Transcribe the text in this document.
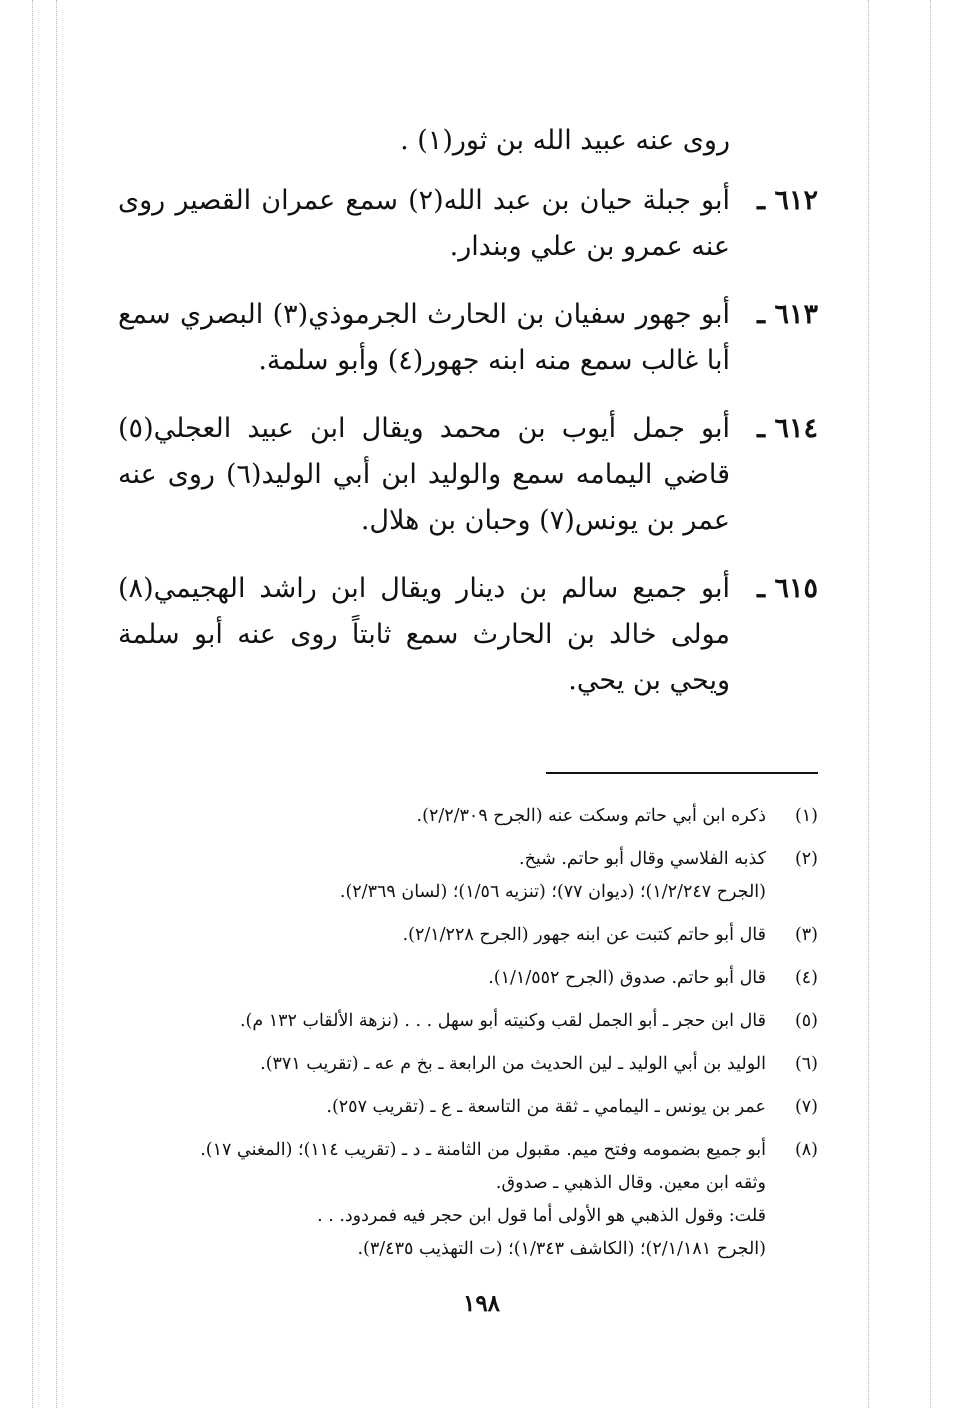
روى عنه عبيد الله بن ثور(١) .
٦١٢ ـ
أبو جبلة حيان بن عبد الله(٢) سمع عمران القصير روى عنه عمرو بن علي وبندار.
٦١٣ ـ
أبو جهور سفيان بن الحارث الجرموذي(٣) البصري سمع أبا غالب سمع منه ابنه جهور(٤) وأبو سلمة.
٦١٤ ـ
أبو جمل أيوب بن محمد ويقال ابن عبيد العجلي(٥) قاضي اليمامه سمع والوليد ابن أبي الوليد(٦) روى عنه عمر بن يونس(٧) وحبان بن هلال.
٦١٥ ـ
أبو جميع سالم بن دينار ويقال ابن راشد الهجيمي(٨) مولى خالد بن الحارث سمع ثابتاً روى عنه أبو سلمة ويحي بن يحي.
(١)
ذكره ابن أبي حاتم وسكت عنه (الجرح ٢/٢/٣٠٩).
(٢)
كذبه الفلاسي وقال أبو حاتم. شيخ.
(الجرح ١/٢/٢٤٧)؛ (ديوان ٧٧)؛ (تنزيه ١/٥٦)؛ (لسان ٢/٣٦٩).
(٣)
قال أبو حاتم كتبت عن ابنه جهور (الجرح ٢/١/٢٢٨).
(٤)
قال أبو حاتم. صدوق (الجرح ١/١/٥٥٢).
(٥)
قال ابن حجر ـ أبو الجمل لقب وكنيته أبو سهل . . . (نزهة الألقاب ١٣٢ م).
(٦)
الوليد بن أبي الوليد ـ لين الحديث من الرابعة ـ بخ م عه ـ (تقريب ٣٧١).
(٧)
عمر بن يونس ـ اليمامي ـ ثقة من التاسعة ـ ع ـ (تقريب ٢٥٧).
(٨)
أبو جميع بضمومه وفتح ميم. مقبول من الثامنة ـ د ـ (تقريب ١١٤)؛ (المغني ١٧).
وثقه ابن معين. وقال الذهبي ـ صدوق.
قلت: وقول الذهبي هو الأولى أما قول ابن حجر فيه فمردود. . .
(الجرح ٢/١/١٨١)؛ (الكاشف ١/٣٤٣)؛ (ت التهذيب ٣/٤٣٥).
١٩٨
